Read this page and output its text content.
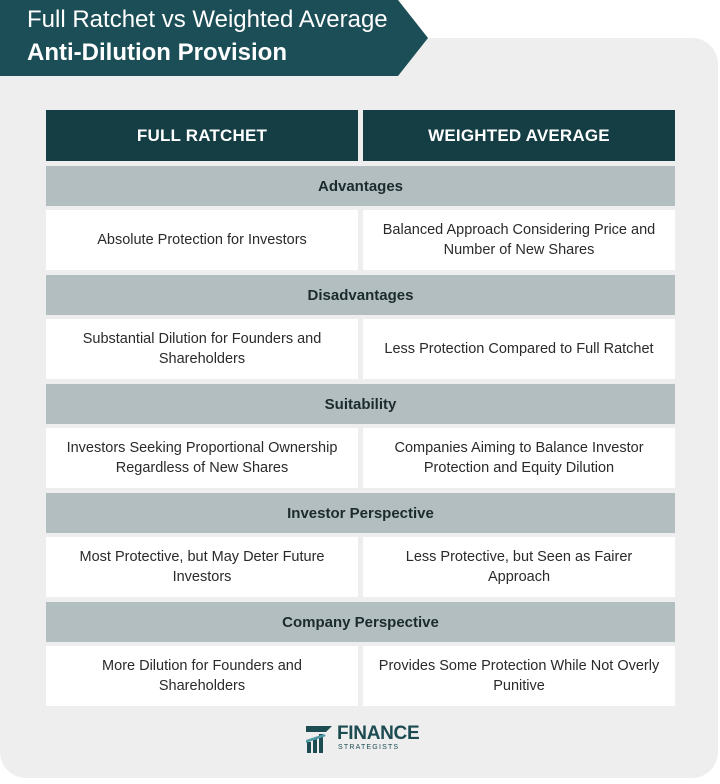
Full Ratchet vs Weighted Average
Anti-Dilution Provision
FULL RATCHET	WEIGHTED AVERAGE
Advantages
Absolute Protection for Investors
Balanced Approach Considering Price and Number of New Shares
Disadvantages
Substantial Dilution for Founders and Shareholders
Less Protection Compared to Full Ratchet
Suitability
Investors Seeking Proportional Ownership Regardless of New Shares
Companies Aiming to Balance Investor Protection and Equity Dilution
Investor Perspective
Most Protective, but May Deter Future Investors
Less Protective, but Seen as Fairer Approach
Company Perspective
More Dilution for Founders and Shareholders
Provides Some Protection While Not Overly Punitive
FINANCE
STRATEGISTS
